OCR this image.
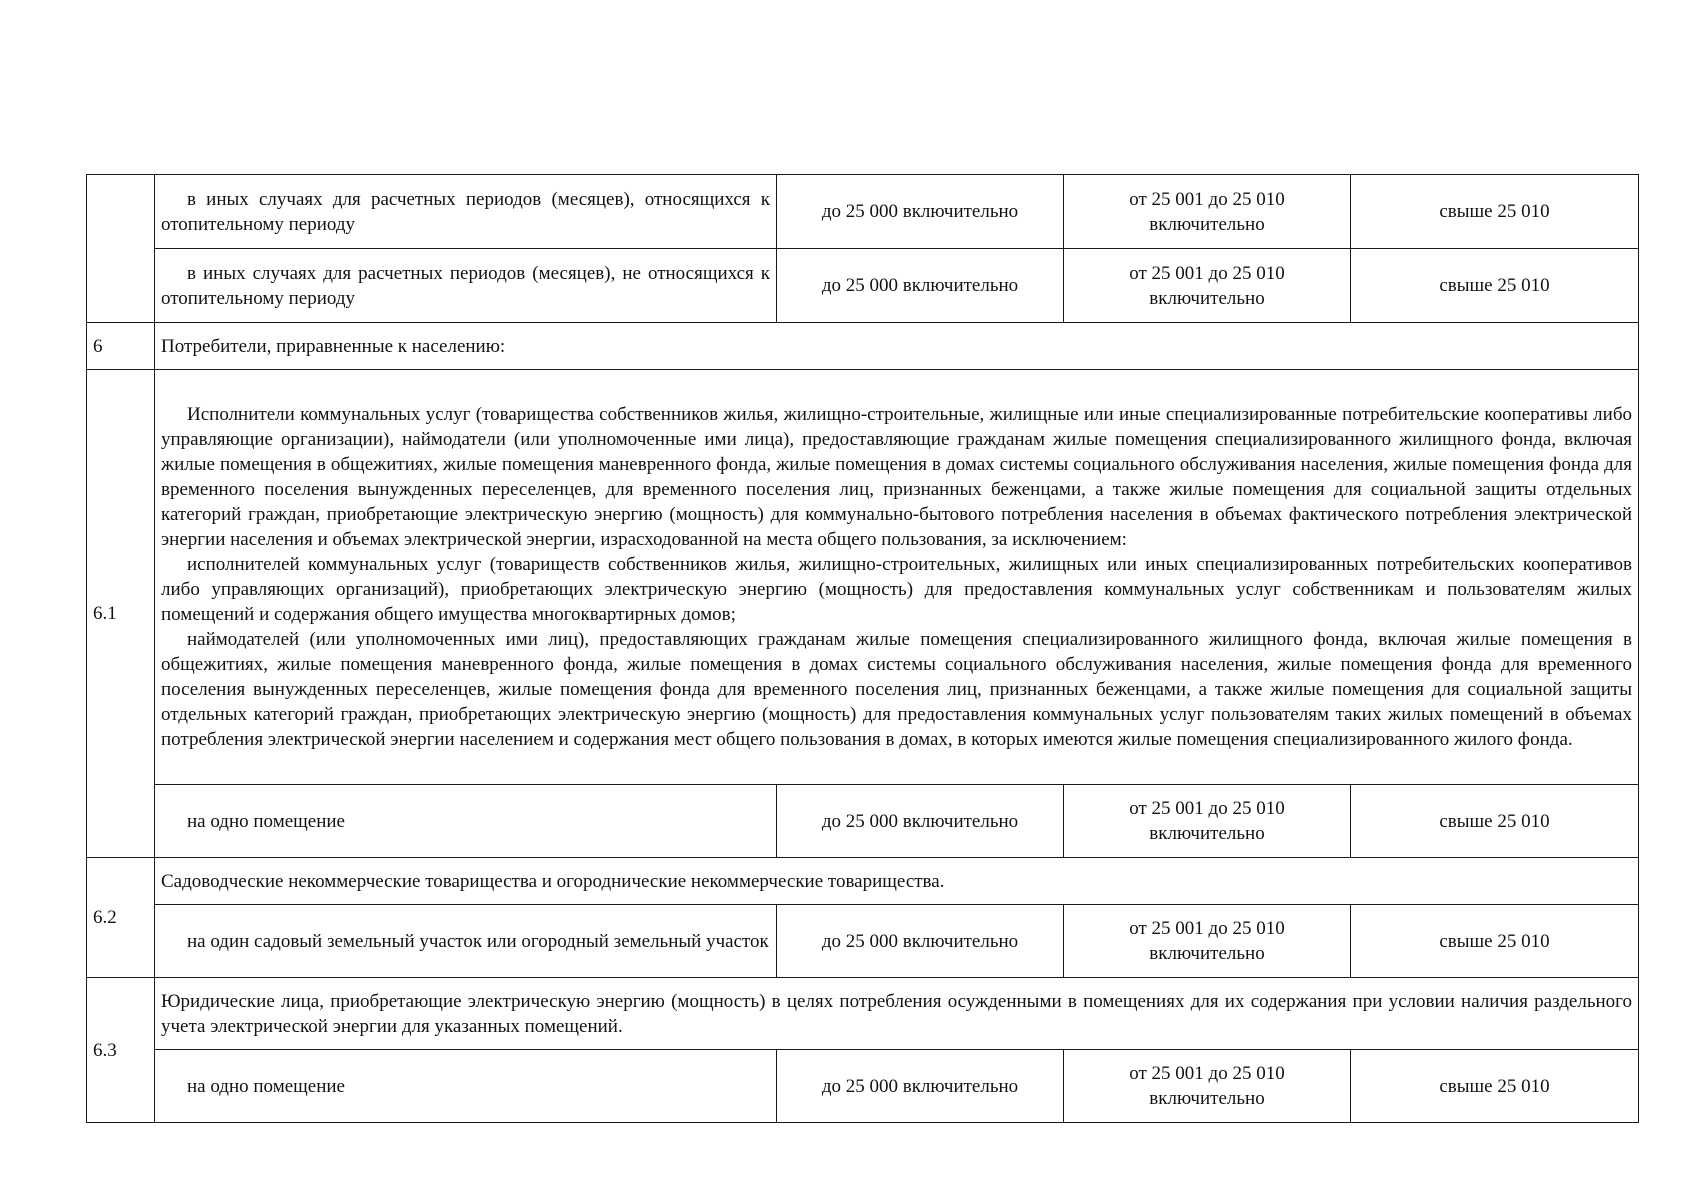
	в иных случаях для расчетных периодов (месяцев), относящихся к отопительному периоду	до 25 000 включительно	от 25 001 до 25 010 включительно	свыше 25 010

	в иных случаях для расчетных периодов (месяцев), не относящихся к отопительному периоду	до 25 000 включительно	от 25 001 до 25 010 включительно	свыше 25 010
6	Потребители, приравненные к населению:			
6.1	Исполнители коммунальных услуг (товарищества собственников жилья, жилищно-строительные, жилищные или иные специализированные потребительские кооперативы либо управляющие организации), наймодатели (или уполномоченные ими лица), предоставляющие гражданам жилые помещения специализированного жилищного фонда, включая жилые помещения в общежитиях, жилые помещения маневренного фонда, жилые помещения в домах системы социального обслуживания населения, жилые помещения фонда для временного поселения вынужденных переселенцев, для временного поселения лиц, признанных беженцами, а также жилые помещения для социальной защиты отдельных категорий граждан, приобретающие электрическую энергию (мощность) для коммунально-бытового потребления населения в объемах фактического потребления электрической энергии населения и объемах электрической энергии, израсходованной на места общего пользования, за исключением:

исполнителей коммунальных услуг (товариществ собственников жилья, жилищно-строительных, жилищных или иных специализированных потребительских кооперативов либо управляющих организаций), приобретающих электрическую энергию (мощность) для предоставления коммунальных услуг собственникам и пользователям жилых помещений и содержания общего имущества многоквартирных домов;

наймодателей (или уполномоченных ими лиц), предоставляющих гражданам жилые помещения специализированного жилищного фонда, включая жилые помещения в общежитиях, жилые помещения маневренного фонда, жилые помещения в домах системы социального обслуживания населения, жилые помещения фонда для временного поселения вынужденных переселенцев, жилые помещения фонда для временного поселения лиц, признанных беженцами, а также жилые помещения для социальной защиты отдельных категорий граждан, приобретающих электрическую энергию (мощность) для предоставления коммунальных услуг пользователям таких жилых помещений в объемах потребления электрической энергии населением и содержания мест общего пользования в домах, в которых имеются жилые помещения специализированного жилого фонда.			

	на одно помещение	до 25 000 включительно	от 25 001 до 25 010 включительно	свыше 25 010
6.2	Садоводческие некоммерческие товарищества и огороднические некоммерческие товарищества.			

	на один садовый земельный участок или огородный земельный участок	до 25 000 включительно	от 25 001 до 25 010 включительно	свыше 25 010
6.3	Юридические лица, приобретающие электрическую энергию (мощность) в целях потребления осужденными в помещениях для их содержания при условии наличия раздельного учета электрической энергии для указанных помещений.			

	на одно помещение	до 25 000 включительно	от 25 001 до 25 010 включительно	свыше 25 010
